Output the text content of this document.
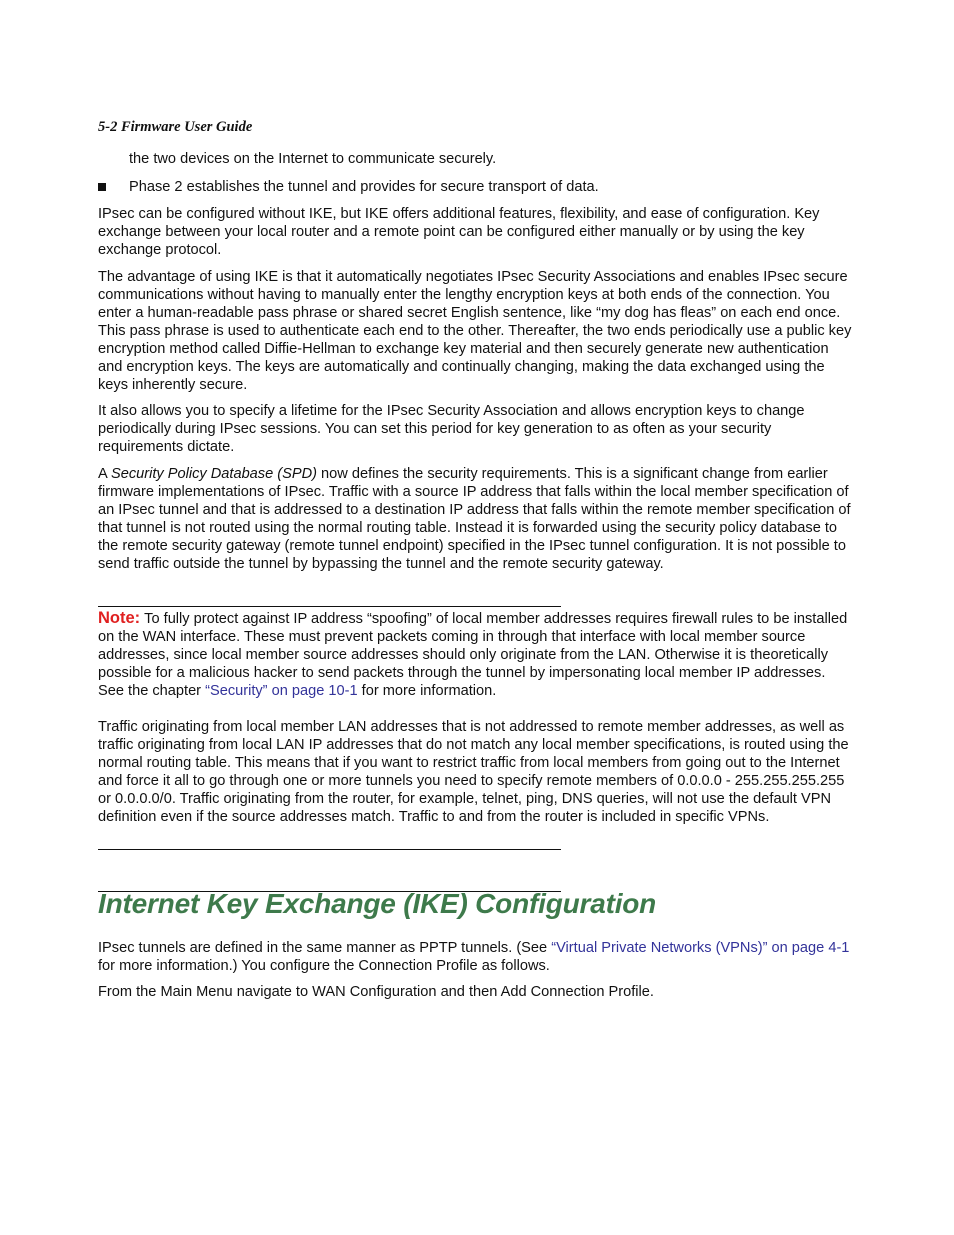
5-2 Firmware User Guide

the two devices on the Internet to communicate securely.

Phase 2 establishes the tunnel and provides for secure transport of data.

IPsec can be configured without IKE, but IKE offers additional features, flexibility, and ease of configuration. Key exchange between your local router and a remote point can be configured either manually or by using the key exchange protocol.

The advantage of using IKE is that it automatically negotiates IPsec Security Associations and enables IPsec secure communications without having to manually enter the lengthy encryption keys at both ends of the connection. You enter a human-readable pass phrase or shared secret English sentence, like “my dog has fleas” on each end once. This pass phrase is used to authenticate each end to the other. Thereafter, the two ends periodically use a public key encryption method called Diffie-Hellman to exchange key material and then securely generate new authentication and encryption keys. The keys are automatically and continually changing, making the data exchanged using the keys inherently secure.

It also allows you to specify a lifetime for the IPsec Security Association and allows encryption keys to change periodically during IPsec sessions. You can set this period for key generation to as often as your security requirements dictate.

A Security Policy Database (SPD) now defines the security requirements. This is a significant change from earlier firmware implementations of IPsec. Traffic with a source IP address that falls within the local member specification of an IPsec tunnel and that is addressed to a destination IP address that falls within the remote member specification of that tunnel is not routed using the normal routing table. Instead it is forwarded using the security policy database to the remote security gateway (remote tunnel endpoint) specified in the IPsec tunnel configuration. It is not possible to send traffic outside the tunnel by bypassing the tunnel and the remote security gateway.

Note: To fully protect against IP address “spoofing” of local member addresses requires firewall rules to be installed on the WAN interface. These must prevent packets coming in through that interface with local member source addresses, since local member source addresses should only originate from the LAN. Otherwise it is theoretically possible for a malicious hacker to send packets through the tunnel by impersonating local member IP addresses. See the chapter “Security” on page 10-1 for more information.

Traffic originating from local member LAN addresses that is not addressed to remote member addresses, as well as traffic originating from local LAN IP addresses that do not match any local member specifications, is routed using the normal routing table. This means that if you want to restrict traffic from local members from going out to the Internet and force it all to go through one or more tunnels you need to specify remote members of 0.0.0.0 - 255.255.255.255 or 0.0.0.0/0. Traffic originating from the router, for example, telnet, ping, DNS queries, will not use the default VPN definition even if the source addresses match. Traffic to and from the router is included in specific VPNs.

Internet Key Exchange (IKE) Configuration

IPsec tunnels are defined in the same manner as PPTP tunnels. (See “Virtual Private Networks (VPNs)” on page 4-1 for more information.) You configure the Connection Profile as follows.

From the Main Menu navigate to WAN Configuration and then Add Connection Profile.
